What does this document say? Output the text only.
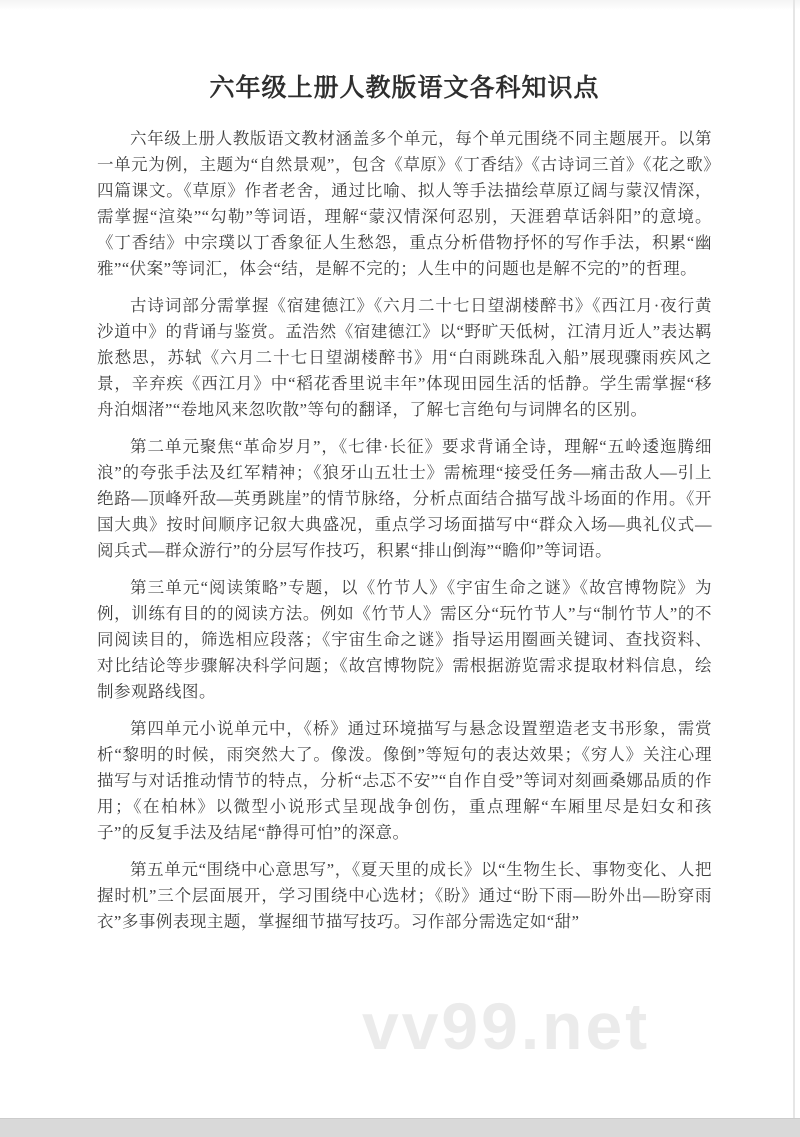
vv99.net
六年级上册人教版语文各科知识点

六年级上册人教版语文教材涵盖多个单元，每个单元围绕不同主题展开。以第一单元为例，主题为“自然景观”，包含《草原》《丁香结》《古诗词三首》《花之歌》四篇课文。《草原》作者老舍，通过比喻、拟人等手法描绘草原辽阔与蒙汉情深，需掌握“渲染”“勾勒”等词语，理解“蒙汉情深何忍别，天涯碧草话斜阳”的意境。《丁香结》中宗璞以丁香象征人生愁怨，重点分析借物抒怀的写作手法，积累“幽雅”“伏案”等词汇，体会“结，是解不完的；人生中的问题也是解不完的”的哲理。

古诗词部分需掌握《宿建德江》《六月二十七日望湖楼醉书》《西江月·夜行黄沙道中》的背诵与鉴赏。孟浩然《宿建德江》以“野旷天低树，江清月近人”表达羁旅愁思，苏轼《六月二十七日望湖楼醉书》用“白雨跳珠乱入船”展现骤雨疾风之景，辛弃疾《西江月》中“稻花香里说丰年”体现田园生活的恬静。学生需掌握“移舟泊烟渚”“卷地风来忽吹散”等句的翻译，了解七言绝句与词牌名的区别。

第二单元聚焦“革命岁月”，《七律·长征》要求背诵全诗，理解“五岭逶迤腾细浪”的夸张手法及红军精神；《狼牙山五壮士》需梳理“接受任务—痛击敌人—引上绝路—顶峰歼敌—英勇跳崖”的情节脉络，分析点面结合描写战斗场面的作用。《开国大典》按时间顺序记叙大典盛况，重点学习场面描写中“群众入场—典礼仪式—阅兵式—群众游行”的分层写作技巧，积累“排山倒海”“瞻仰”等词语。

第三单元“阅读策略”专题，以《竹节人》《宇宙生命之谜》《故宫博物院》为例，训练有目的的阅读方法。例如《竹节人》需区分“玩竹节人”与“制竹节人”的不同阅读目的，筛选相应段落；《宇宙生命之谜》指导运用圈画关键词、查找资料、对比结论等步骤解决科学问题；《故宫博物院》需根据游览需求提取材料信息，绘制参观路线图。

第四单元小说单元中，《桥》通过环境描写与悬念设置塑造老支书形象，需赏析“黎明的时候，雨突然大了。像泼。像倒”等短句的表达效果；《穷人》关注心理描写与对话推动情节的特点，分析“忐忑不安”“自作自受”等词对刻画桑娜品质的作用；《在柏林》以微型小说形式呈现战争创伤，重点理解“车厢里尽是妇女和孩子”的反复手法及结尾“静得可怕”的深意。

第五单元“围绕中心意思写”，《夏天里的成长》以“生物生长、事物变化、人把握时机”三个层面展开，学习围绕中心选材；《盼》通过“盼下雨—盼外出—盼穿雨衣”多事例表现主题，掌握细节描写技巧。习作部分需选定如“甜”
